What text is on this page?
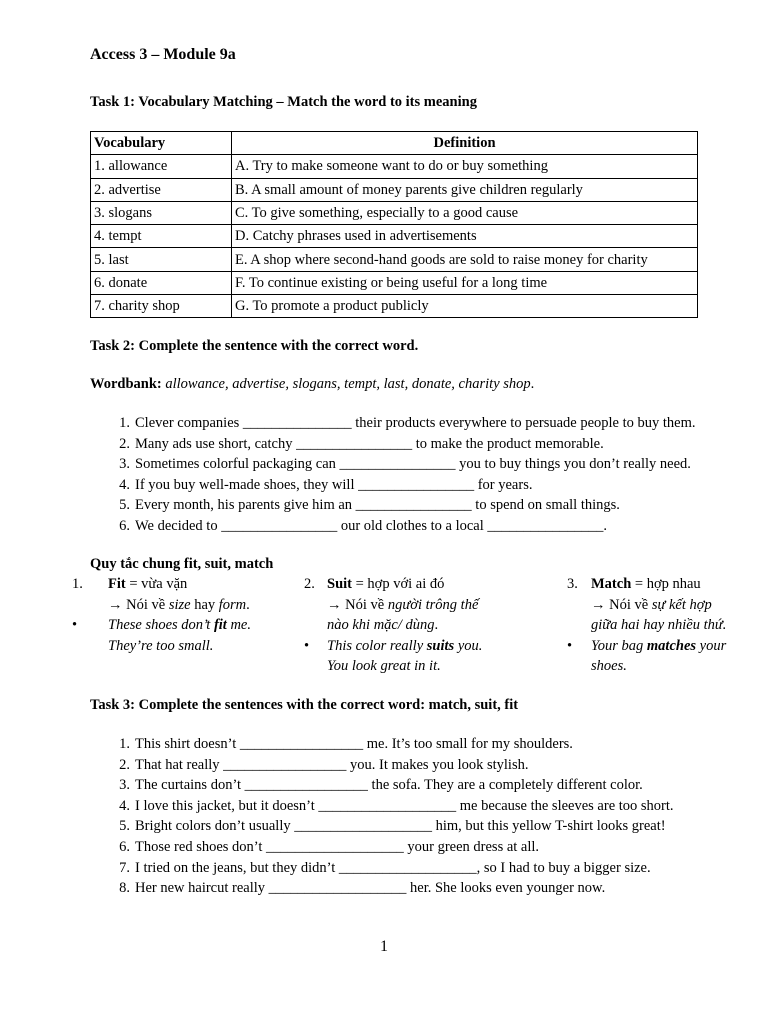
Access 3 – Module 9a
Task 1: Vocabulary Matching – Match the word to its meaning
Vocabulary	Definition
1. allowance	A. Try to make someone want to do or buy something
2. advertise	B. A small amount of money parents give children regularly
3. slogans	C. To give something, especially to a good cause
4. tempt	D. Catchy phrases used in advertisements
5. last	E. A shop where second-hand goods are sold to raise money for charity
6. donate	F. To continue existing or being useful for a long time
7. charity shop	G. To promote a product publicly
Task 2: Complete the sentence with the correct word.
Wordbank: allowance, advertise, slogans, tempt, last, donate, charity shop.
1. Clever companies _______________ their products everywhere to persuade people to buy them.
2. Many ads use short, catchy ________________ to make the product memorable.
3. Sometimes colorful packaging can ________________ you to buy things you don’t really need.
4. If you buy well-made shoes, they will ________________ for years.
5. Every month, his parents give him an ________________ to spend on small things.
6. We decided to ________________ our old clothes to a local ________________.
Quy tắc chung fit, suit, match
1. Fit = vừa vặn
→ Nói về size hay form.
• These shoes don’t fit me.
They’re too small.
2. Suit = hợp với ai đó
→ Nói về người trông thế
nào khi mặc/ dùng.
• This color really suits you.
You look great in it.
3. Match = hợp nhau
→ Nói về sự kết hợp
giữa hai hay nhiều thứ.
• Your bag matches your
shoes.
Task 3: Complete the sentences with the correct word: match, suit, fit
1. This shirt doesn’t _________________ me. It’s too small for my shoulders.
2. That hat really _________________ you. It makes you look stylish.
3. The curtains don’t _________________ the sofa. They are a completely different color.
4. I love this jacket, but it doesn’t ___________________ me because the sleeves are too short.
5. Bright colors don’t usually ___________________ him, but this yellow T-shirt looks great!
6. Those red shoes don’t ___________________ your green dress at all.
7. I tried on the jeans, but they didn’t ___________________, so I had to buy a bigger size.
8. Her new haircut really ___________________ her. She looks even younger now.
1
